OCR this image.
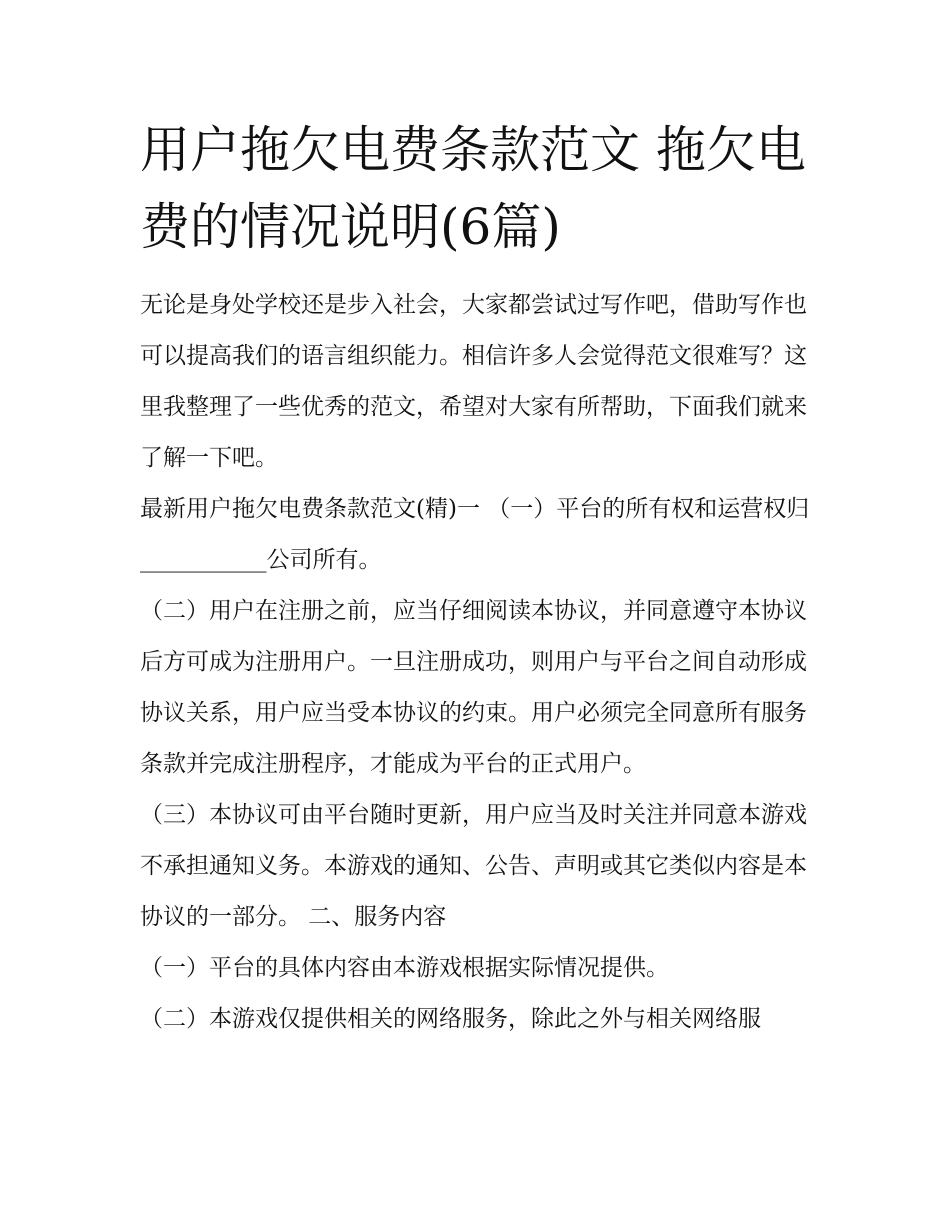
用户拖欠电费条款范文 拖欠电费的情况说明(6篇)

无论是身处学校还是步入社会，大家都尝试过写作吧，借助写作也可以提高我们的语言组织能力。相信许多人会觉得范文很难写？这里我整理了一些优秀的范文，希望对大家有所帮助，下面我们就来了解一下吧。

最新用户拖欠电费条款范文(精)一 （一）平台的所有权和运营权归___________公司所有。

（二）用户在注册之前，应当仔细阅读本协议，并同意遵守本协议后方可成为注册用户。一旦注册成功，则用户与平台之间自动形成协议关系，用户应当受本协议的约束。用户必须完全同意所有服务条款并完成注册程序，才能成为平台的正式用户。

（三）本协议可由平台随时更新，用户应当及时关注并同意本游戏不承担通知义务。本游戏的通知、公告、声明或其它类似内容是本协议的一部分。 二、服务内容

（一）平台的具体内容由本游戏根据实际情况提供。

（二）本游戏仅提供相关的网络服务，除此之外与相关网络服
